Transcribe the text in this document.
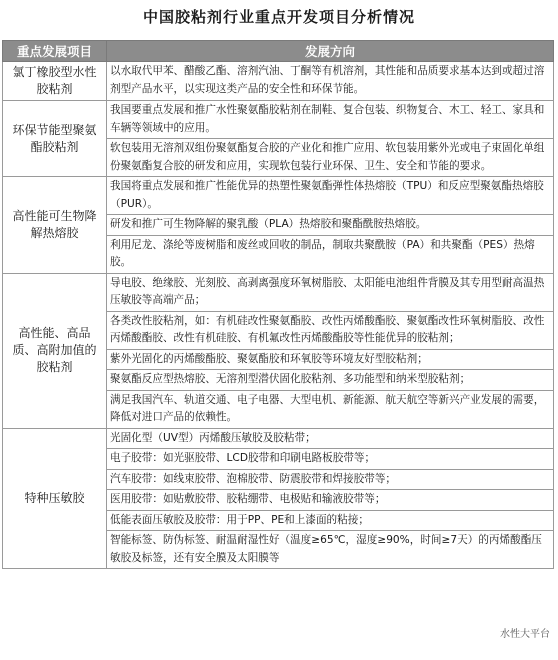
中国胶粘剂行业重点开发项目分析情况
重点发展项目	发展方向
氯丁橡胶型水性胶粘剂	以水取代甲苯、醋酸乙酯、溶剂汽油、丁酮等有机溶剂，其性能和品质要求基本达到或超过溶剂型产品水平，以实现这类产品的安全性和环保节能。
环保节能型聚氨酯胶粘剂	我国要重点发展和推广水性聚氨酯胶粘剂在制鞋、复合包装、织物复合、木工、轻工、家具和车辆等领域中的应用。
	软包装用无溶剂双组份聚氨酯复合胶的产业化和推广应用、软包装用紫外光或电子束固化单组份聚氨酯复合胶的研发和应用，实现软包装行业环保、卫生、安全和节能的要求。
高性能可生物降解热熔胶	我国将重点发展和推广性能优异的热塑性聚氨酯弹性体热熔胶（TPU）和反应型聚氨酯热熔胶（PUR）。
	研发和推广可生物降解的聚乳酸（PLA）热熔胶和聚酯酰胺热熔胶。
	利用尼龙、涤纶等废树脂和废丝或回收的制品，制取共聚酰胺（PA）和共聚酯（PES）热熔胶。
高性能、高品质、高附加值的胶粘剂	导电胶、绝缘胶、光刻胶、高剥离强度环氧树脂胶、太阳能电池组件背膜及其专用型耐高温热压敏胶等高端产品；
	各类改性胶粘剂，如：有机硅改性聚氨酯胶、改性丙烯酸酯胶、聚氨酯改性环氧树脂胶、改性丙烯酸酯胶、改性有机硅胶、有机氟改性丙烯酸酯胶等性能优异的胶粘剂；
	紫外光固化的丙烯酸酯胶、聚氨酯胶和环氧胶等环境友好型胶粘剂；
	聚氨酯反应型热熔胶、无溶剂型潜伏固化胶粘剂、多功能型和纳米型胶粘剂；
	满足我国汽车、轨道交通、电子电器、大型电机、新能源、航天航空等新兴产业发展的需要，降低对进口产品的依赖性。
特种压敏胶	光固化型（UV型）丙烯酸压敏胶及胶粘带；
	电子胶带：如光驱胶带、LCD胶带和印刷电路板胶带等；
	汽车胶带：如线束胶带、泡棉胶带、防震胶带和焊接胶带等；
	医用胶带：如贴敷胶带、胶粘绷带、电极贴和输液胶带等；
	低能表面压敏胶及胶带：用于PP、PE和上漆面的粘接；
	智能标签、防伪标签、耐温耐湿性好（温度≥65℃，湿度≥90%，时间≥7天）的丙烯酸酯压敏胶及标签，还有安全膜及太阳膜等
水性大平台
